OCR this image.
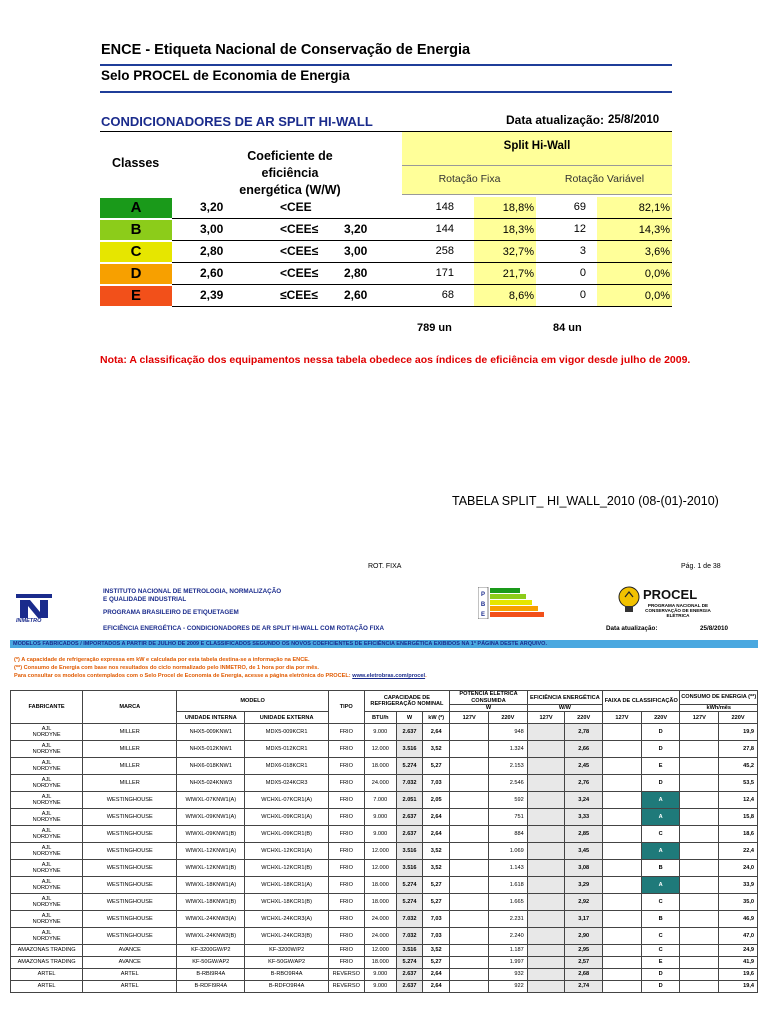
ENCE - Etiqueta Nacional de Conservação de Energia
Selo PROCEL de Economia de Energia
CONDICIONADORES DE AR SPLIT HI-WALL	Data atualização: 25/8/2010
Classes	Coeficiente de eficiência
energética (W/W)
Split Hi-Wall
Rotação Fixa	Rotação Variável
A	3,20	<CEE	148	18,8%	69	82,1%
B	3,00	<CEE≤ 3,20	144	18,3%	12	14,3%
C	2,80	<CEE≤ 3,00	258	32,7%	3	3,6%
D	2,60	<CEE≤ 2,80	171	21,7%	0	0,0%
E	2,39	≤CEE≤ 2,60	68	8,6%	0	0,0%
789 un	84 un
Nota: A classificação dos equipamentos nessa tabela obedece aos índices de eficiência em vigor desde julho de 2009.
TABELA SPLIT_ HI_WALL_2010 (08-(01)-2010)
ROT. FIXA	Pág. 1 de 38
INMETRO
INSTITUTO NACIONAL DE METROLOGIA, NORMALIZAÇÃO
E QUALIDADE INDUSTRIAL
PROGRAMA BRASILEIRO DE ETIQUETAGEM
P
B
E
PROCEL
PROGRAMA NACIONAL DE CONSERVAÇÃO DE ENERGIA ELÉTRICA
EFICIÊNCIA ENERGÉTICA - CONDICIONADORES DE AR SPLIT HI-WALL COM ROTAÇÃO FIXA	Data atualização:	25/8/2010
MODELOS FABRICADOS / IMPORTADOS A PARTIR DE JULHO DE 2009 E CLASSIFICADOS SEGUNDO OS NOVOS COEFICIENTES DE EFICIÊNCIA ENERGÉTICA EXIBIDOS NA 1ª PÁGINA DESTE ARQUIVO.
(*) A capacidade de refrigeração expressa em kW e calculada por esta tabela destina-se a informação na ENCE.
(**) Consumo de Energia com base nos resultados do ciclo normalizado pelo INMETRO, de 1 hora por dia por mês.
Para consultar os modelos contemplados com o Selo Procel de Economia de Energia, acesse a página eletrônica do PROCEL: www.eletrobras.com/procel.
FABRICANTE	MARCA	MODELO		TIPO	CAPACIDADE DE REFRIGERAÇÃO NOMINAL			POTÊNCIA ELÉTRICA CONSUMIDA		EFICIÊNCIA ENERGÉTICA		FAIXA DE CLASSIFICAÇÃO		CONSUMO DE ENERGIA (**)	
								W		W/W				kWh/mês	
		UNIDADE INTERNA	UNIDADE EXTERNA		BTU/h	W	kW (*)	127V	220V	127V	220V	127V	220V	127V	220V
AJL
NORDYNE	MILLER	NHX5-009KNW1	MDX5-009KCR1	FRIO	9.000	2.637	2,64		948		2,78		D		19,9
AJL
NORDYNE	MILLER	NHX5-012KNW1	MDX5-012KCR1	FRIO	12.000	3.516	3,52		1.324		2,66		D		27,8
AJL
NORDYNE	MILLER	NHX6-018KNW1	MDX6-018KCR1	FRIO	18.000	5.274	5,27		2.153		2,45		E		45,2
AJL
NORDYNE	MILLER	NHX5-024KNW3	MDX5-024KCR3	FRIO	24.000	7.032	7,03		2.546		2,76		D		53,5
AJL
NORDYNE	WESTINGHOUSE	WIWXL-07KNW1(A)	WCHXL-07KCR1(A)	FRIO	7.000	2.051	2,05		592		3,24		A		12,4
AJL
NORDYNE	WESTINGHOUSE	WIWXL-09KNW1(A)	WCHXL-09KCR1(A)	FRIO	9.000	2.637	2,64		751		3,33		A		15,8
AJL
NORDYNE	WESTINGHOUSE	WIWXL-09KNW1(B)	WCHXL-09KCR1(B)	FRIO	9.000	2.637	2,64		884		2,85		C		18,6
AJL
NORDYNE	WESTINGHOUSE	WIWXL-12KNW1(A)	WCHXL-12KCR1(A)	FRIO	12.000	3.516	3,52		1.069		3,45		A		22,4
AJL
NORDYNE	WESTINGHOUSE	WIWXL-12KNW1(B)	WCHXL-12KCR1(B)	FRIO	12.000	3.516	3,52		1.143		3,08		B		24,0
AJL
NORDYNE	WESTINGHOUSE	WIWXL-18KNW1(A)	WCHXL-18KCR1(A)	FRIO	18.000	5.274	5,27		1.618		3,29		A		33,9
AJL
NORDYNE	WESTINGHOUSE	WIWXL-18KNW1(B)	WCHXL-18KCR1(B)	FRIO	18.000	5.274	5,27		1.665		2,92		C		35,0
AJL
NORDYNE	WESTINGHOUSE	WIWXL-24KNW3(A)	WCHXL-24KCR3(A)	FRIO	24.000	7.032	7,03		2.231		3,17		B		46,9
AJL
NORDYNE	WESTINGHOUSE	WIWXL-24KNW3(B)	WCHXL-24KCR3(B)	FRIO	24.000	7.032	7,03		2.240		2,90		C		47,0
AMAZONAS TRADING	AVANCE	KF-3200GW/P2	KF-3200W/P2	FRIO	12.000	3.516	3,52		1.187		2,95		C		24,9
AMAZONAS TRADING	AVANCE	KF-50GW/AP2	KF-50GW/AP2	FRIO	18.000	5.274	5,27		1.997		2,57		E		41,9
ARTEL	ARTEL	B-RBI9R4A	B-RBO9R4A	REVERSO	9.000	2.637	2,64		932		2,68		D		19,6
ARTEL	ARTEL	B-RDFI9R4A	B-RDFO9R4A	REVERSO	9.000	2.637	2,64		922		2,74		D		19,4
